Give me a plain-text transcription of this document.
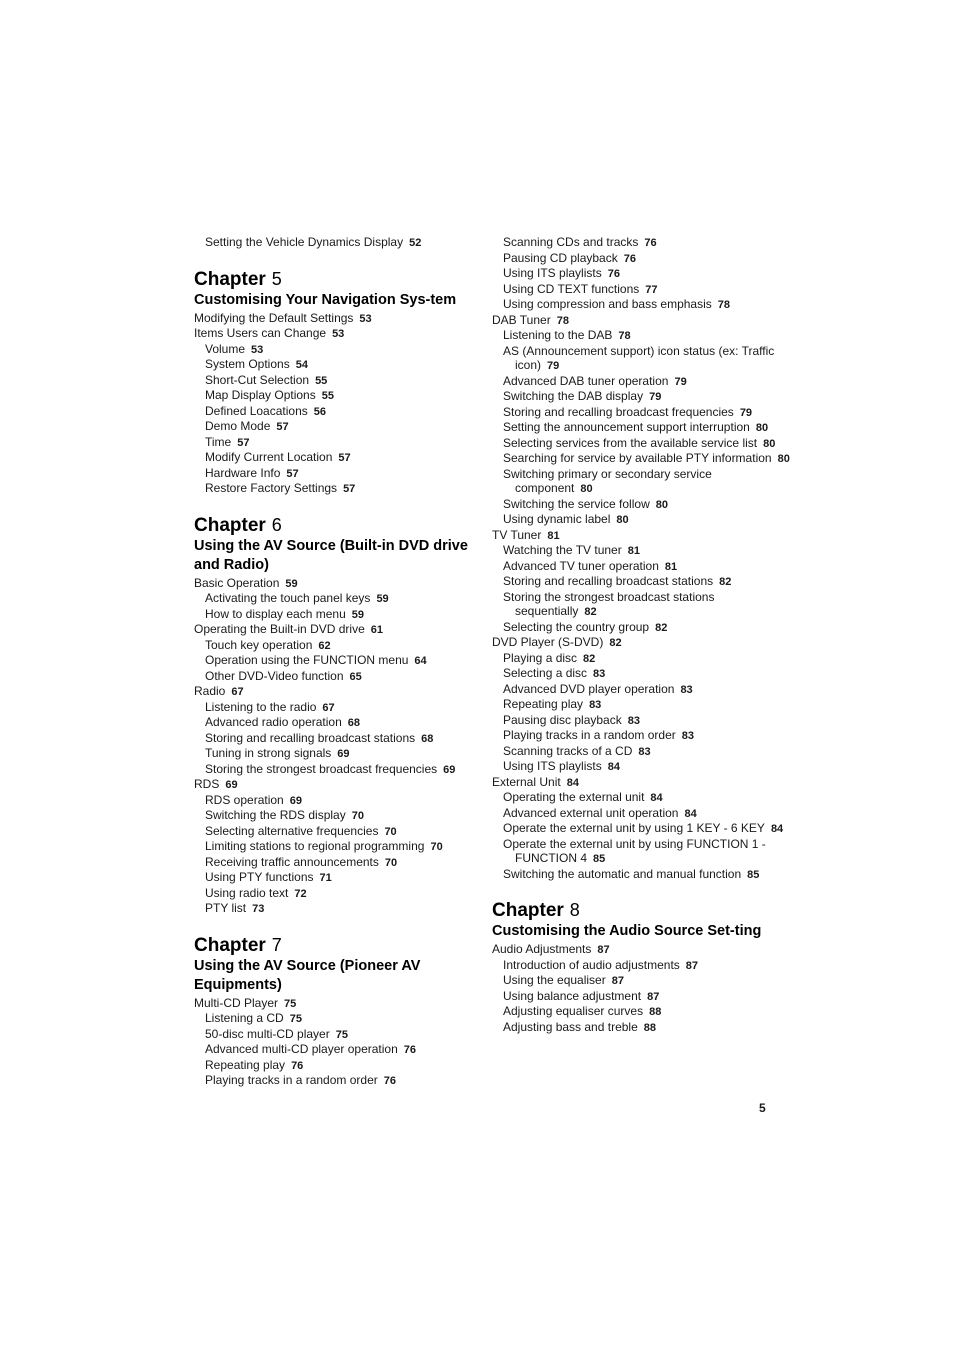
Setting the Vehicle Dynamics Display 52
Chapter 5
Customising Your Navigation Sys-tem
Modifying the Default Settings 53
Items Users can Change 53
Volume 53
System Options 54
Short-Cut Selection 55
Map Display Options 55
Defined Loacations 56
Demo Mode 57
Time 57
Modify Current Location 57
Hardware Info 57
Restore Factory Settings 57
Chapter 6
Using the AV Source (Built-in DVD drive and Radio)
Basic Operation 59
Activating the touch panel keys 59
How to display each menu 59
Operating the Built-in DVD drive 61
Touch key operation 62
Operation using the FUNCTION menu 64
Other DVD-Video function 65
Radio 67
Listening to the radio 67
Advanced radio operation 68
Storing and recalling broadcast stations 68
Tuning in strong signals 69
Storing the strongest broadcast frequencies 69
RDS 69
RDS operation 69
Switching the RDS display 70
Selecting alternative frequencies 70
Limiting stations to regional programming 70
Receiving traffic announcements 70
Using PTY functions 71
Using radio text 72
PTY list 73
Chapter 7
Using the AV Source (Pioneer AV Equipments)
Multi-CD Player 75
Listening a CD 75
50-disc multi-CD player 75
Advanced multi-CD player operation 76
Repeating play 76
Playing tracks in a random order 76
Scanning CDs and tracks 76
Pausing CD playback 76
Using ITS playlists 76
Using CD TEXT functions 77
Using compression and bass emphasis 78
DAB Tuner 78
Listening to the DAB 78
AS (Announcement support) icon status (ex: Traffic icon) 79
Advanced DAB tuner operation 79
Switching the DAB display 79
Storing and recalling broadcast frequencies 79
Setting the announcement support interruption 80
Selecting services from the available service list 80
Searching for service by available PTY information 80
Switching primary or secondary service component 80
Switching the service follow 80
Using dynamic label 80
TV Tuner 81
Watching the TV tuner 81
Advanced TV tuner operation 81
Storing and recalling broadcast stations 82
Storing the strongest broadcast stations sequentially 82
Selecting the country group 82
DVD Player (S-DVD) 82
Playing a disc 82
Selecting a disc 83
Advanced DVD player operation 83
Repeating play 83
Pausing disc playback 83
Playing tracks in a random order 83
Scanning tracks of a CD 83
Using ITS playlists 84
External Unit 84
Operating the external unit 84
Advanced external unit operation 84
Operate the external unit by using 1 KEY - 6 KEY 84
Operate the external unit by using FUNCTION 1 - FUNCTION 4 85
Switching the automatic and manual function 85
Chapter 8
Customising the Audio Source Set-ting
Audio Adjustments 87
Introduction of audio adjustments 87
Using the equaliser 87
Using balance adjustment 87
Adjusting equaliser curves 88
Adjusting bass and treble 88
5
